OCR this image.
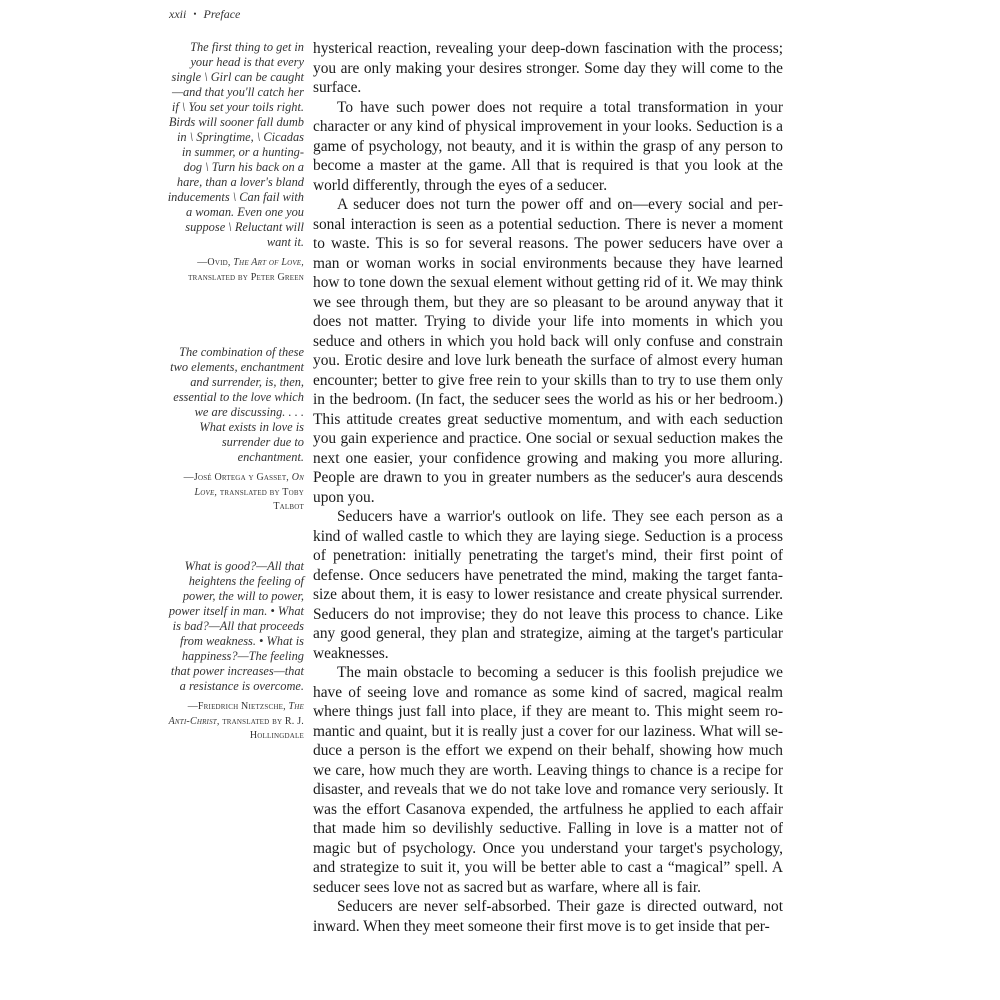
xxii • Preface

The first thing to get in your head is that every single \ Girl can be caught—and that you'll catch her if \ You set your toils right. Birds will sooner fall dumb in \ Springtime, \ Cicadas in summer, or a hunting-dog \ Turn his back on a hare, than a lover's bland inducements \ Can fail with a woman. Even one you suppose \ Reluctant will want it.

—Ovid, The Art of Love,
translated by Peter Green

The combination of these two elements, enchantment and surrender, is, then, essential to the love which we are discussing. . . . What exists in love is surrender due to enchantment.

—José Ortega y Gasset, On Love, translated by Toby Talbot

What is good?—All that heightens the feeling of power, the will to power, power itself in man. • What is bad?—All that proceeds from weakness. • What is happiness?—The feeling that power increases—that a resistance is overcome.

—Friedrich Nietzsche, The Anti-Christ, translated by R. J. Hollingdale

hysterical reaction, revealing your deep-down fascination with the process; you are only making your desires stronger. Some day they will come to the surface.

To have such power does not require a total transformation in your character or any kind of physical improvement in your looks. Seduction is a game of psychology, not beauty, and it is within the grasp of any person to become a master at the game. All that is required is that you look at the world differently, through the eyes of a seducer.

A seducer does not turn the power off and on—every social and personal interaction is seen as a potential seduction. There is never a moment to waste. This is so for several reasons. The power seducers have over a man or woman works in social environments because they have learned how to tone down the sexual element without getting rid of it. We may think we see through them, but they are so pleasant to be around anyway that it does not matter. Trying to divide your life into moments in which you seduce and others in which you hold back will only confuse and constrain you. Erotic desire and love lurk beneath the surface of almost every human encounter; better to give free rein to your skills than to try to use them only in the bedroom. (In fact, the seducer sees the world as his or her bedroom.) This attitude creates great seductive momentum, and with each seduction you gain experience and practice. One social or sexual seduction makes the next one easier, your confidence growing and making you more alluring. People are drawn to you in greater numbers as the seducer's aura descends upon you.

Seducers have a warrior's outlook on life. They see each person as a kind of walled castle to which they are laying siege. Seduction is a process of penetration: initially penetrating the target's mind, their first point of defense. Once seducers have penetrated the mind, making the target fantasize about them, it is easy to lower resistance and create physical surrender. Seducers do not improvise; they do not leave this process to chance. Like any good general, they plan and strategize, aiming at the target's particular weaknesses.

The main obstacle to becoming a seducer is this foolish prejudice we have of seeing love and romance as some kind of sacred, magical realm where things just fall into place, if they are meant to. This might seem romantic and quaint, but it is really just a cover for our laziness. What will seduce a person is the effort we expend on their behalf, showing how much we care, how much they are worth. Leaving things to chance is a recipe for disaster, and reveals that we do not take love and romance very seriously. It was the effort Casanova expended, the artfulness he applied to each affair that made him so devilishly seductive. Falling in love is a matter not of magic but of psychology. Once you understand your target's psychology, and strategize to suit it, you will be better able to cast a “magical” spell. A seducer sees love not as sacred but as warfare, where all is fair.

Seducers are never self-absorbed. Their gaze is directed outward, not inward. When they meet someone their first move is to get inside that per-
